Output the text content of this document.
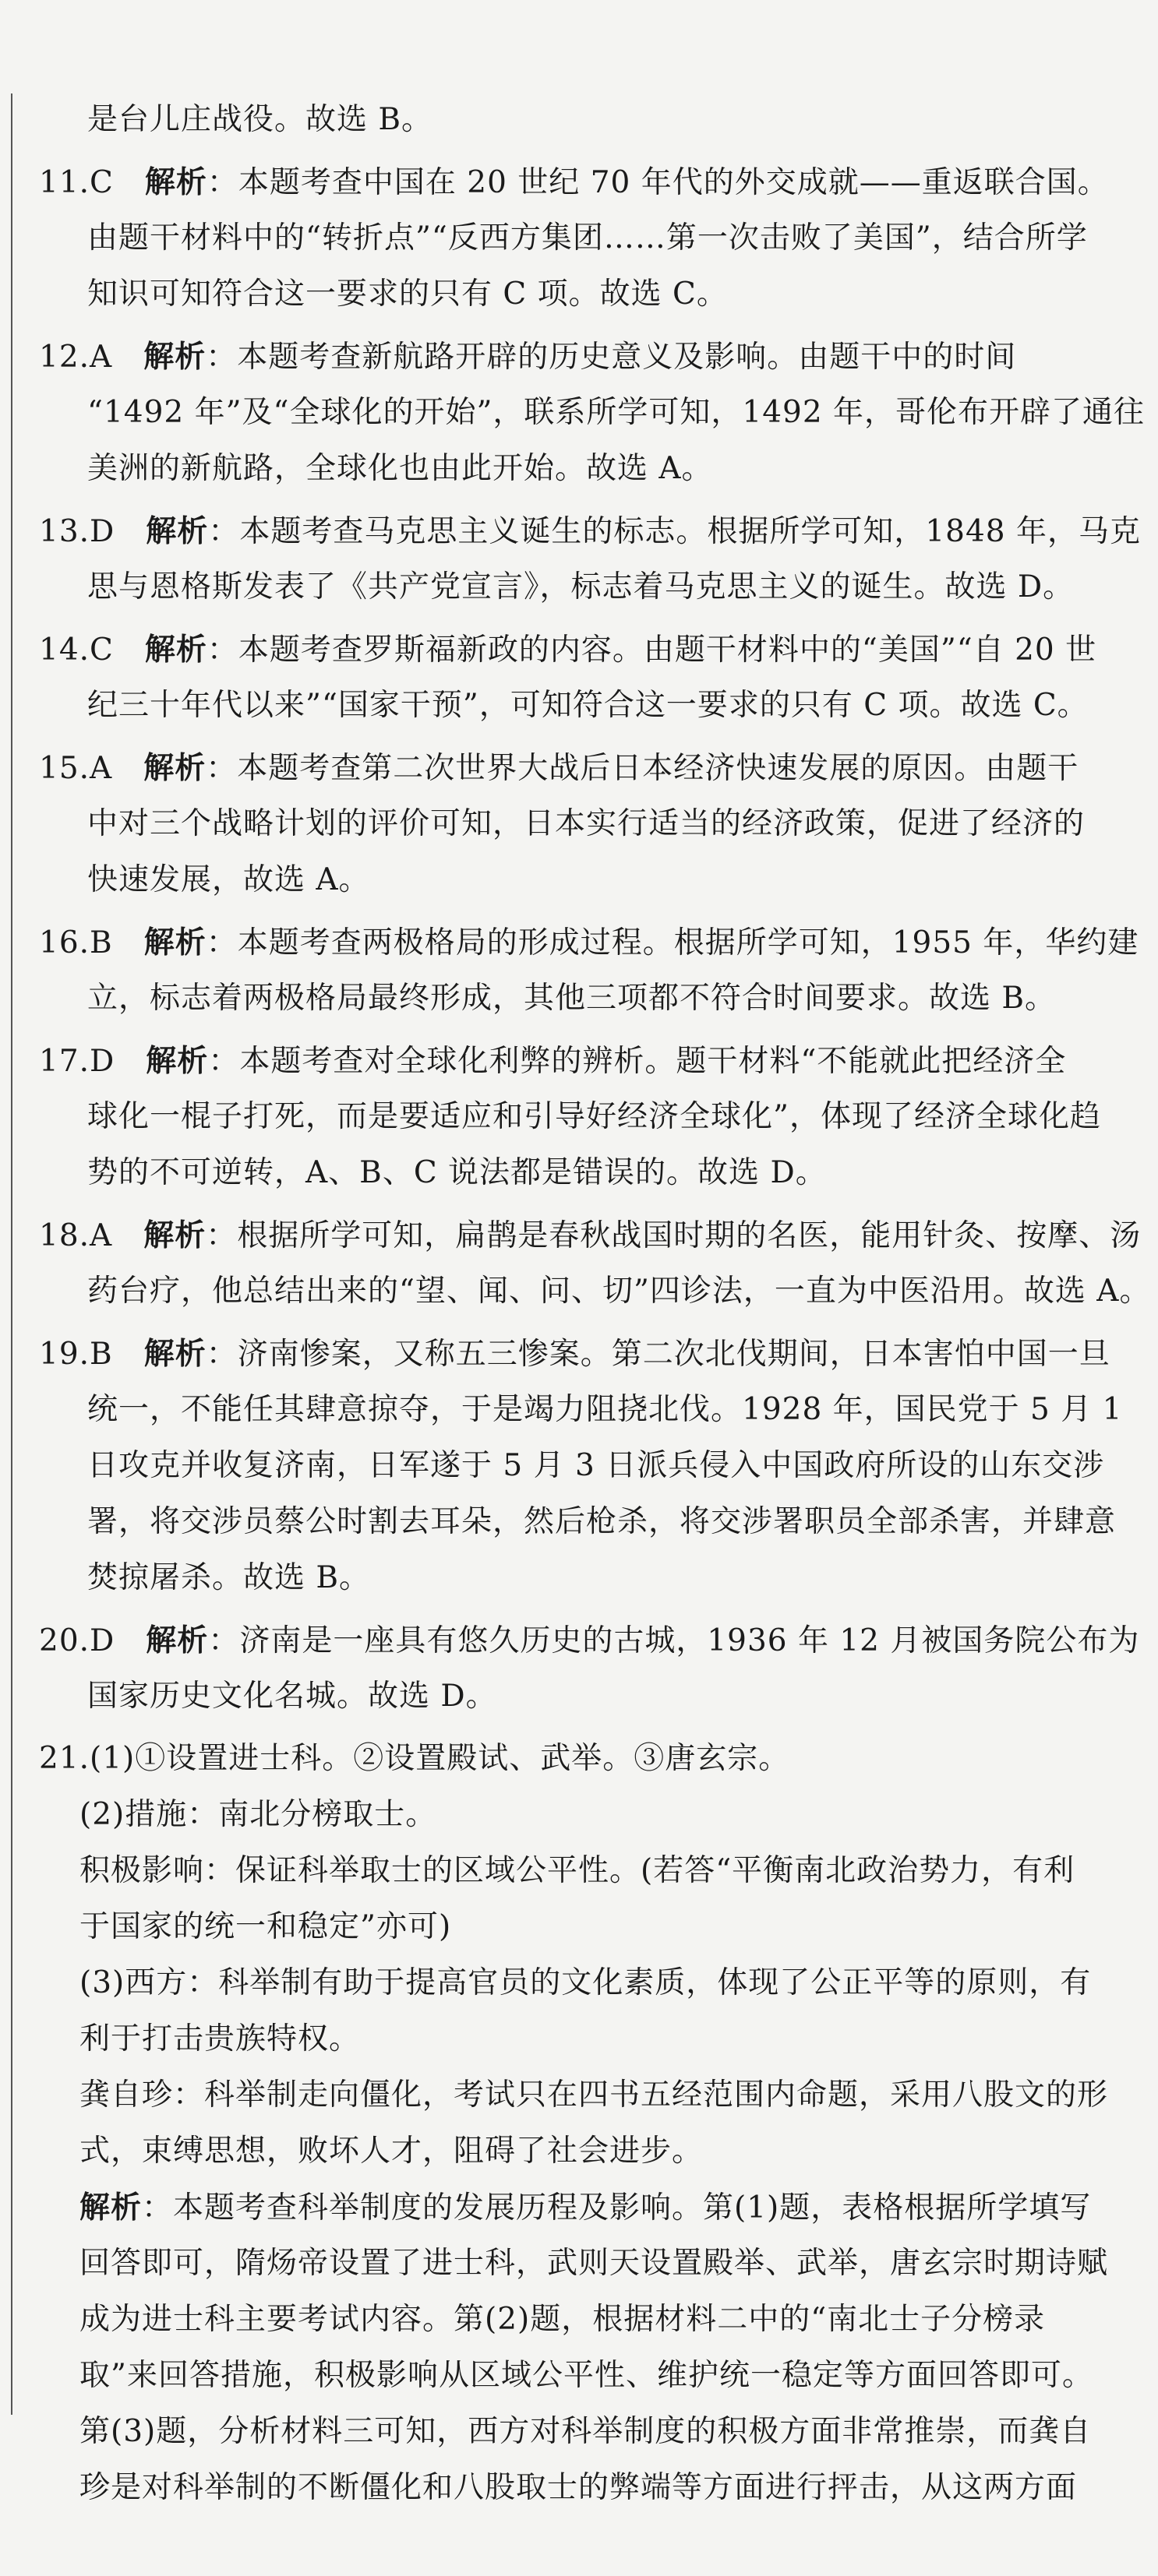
是台儿庄战役。故选 B。
11.C　解析：本题考查中国在 20 世纪 70 年代的外交成就——重返联合国。
由题干材料中的“转折点”“反西方集团……第一次击败了美国”，结合所学
知识可知符合这一要求的只有 C 项。故选 C。
12.A　解析：本题考查新航路开辟的历史意义及影响。由题干中的时间
“1492 年”及“全球化的开始”，联系所学可知，1492 年，哥伦布开辟了通往
美洲的新航路，全球化也由此开始。故选 A。
13.D　解析：本题考查马克思主义诞生的标志。根据所学可知，1848 年，马克
思与恩格斯发表了《共产党宣言》，标志着马克思主义的诞生。故选 D。
14.C　解析：本题考查罗斯福新政的内容。由题干材料中的“美国”“自 20 世
纪三十年代以来”“国家干预”，可知符合这一要求的只有 C 项。故选 C。
15.A　解析：本题考查第二次世界大战后日本经济快速发展的原因。由题干
中对三个战略计划的评价可知，日本实行适当的经济政策，促进了经济的
快速发展，故选 A。
16.B　解析：本题考查两极格局的形成过程。根据所学可知，1955 年，华约建
立，标志着两极格局最终形成，其他三项都不符合时间要求。故选 B。
17.D　解析：本题考查对全球化利弊的辨析。题干材料“不能就此把经济全
球化一棍子打死，而是要适应和引导好经济全球化”，体现了经济全球化趋
势的不可逆转，A、B、C 说法都是错误的。故选 D。
18.A　解析：根据所学可知，扁鹊是春秋战国时期的名医，能用针灸、按摩、汤
药台疗，他总结出来的“望、闻、问、切”四诊法，一直为中医沿用。故选 A。
19.B　解析：济南惨案，又称五三惨案。第二次北伐期间，日本害怕中国一旦
统一，不能任其肆意掠夺，于是竭力阻挠北伐。1928 年，国民党于 5 月 1
日攻克并收复济南，日军遂于 5 月 3 日派兵侵入中国政府所设的山东交涉
署，将交涉员蔡公时割去耳朵，然后枪杀，将交涉署职员全部杀害，并肆意
焚掠屠杀。故选 B。
20.D　解析：济南是一座具有悠久历史的古城，1936 年 12 月被国务院公布为
国家历史文化名城。故选 D。
21.(1)①设置进士科。②设置殿试、武举。③唐玄宗。
(2)措施：南北分榜取士。
积极影响：保证科举取士的区域公平性。(若答“平衡南北政治势力，有利
于国家的统一和稳定”亦可)
(3)西方：科举制有助于提高官员的文化素质，体现了公正平等的原则，有
利于打击贵族特权。
龚自珍：科举制走向僵化，考试只在四书五经范围内命题，采用八股文的形
式，束缚思想，败坏人才，阻碍了社会进步。
解析：本题考查科举制度的发展历程及影响。第(1)题，表格根据所学填写
回答即可，隋炀帝设置了进士科，武则天设置殿举、武举，唐玄宗时期诗赋
成为进士科主要考试内容。第(2)题，根据材料二中的“南北士子分榜录
取”来回答措施，积极影响从区域公平性、维护统一稳定等方面回答即可。
第(3)题，分析材料三可知，西方对科举制度的积极方面非常推崇，而龚自
珍是对科举制的不断僵化和八股取士的弊端等方面进行抨击，从这两方面
